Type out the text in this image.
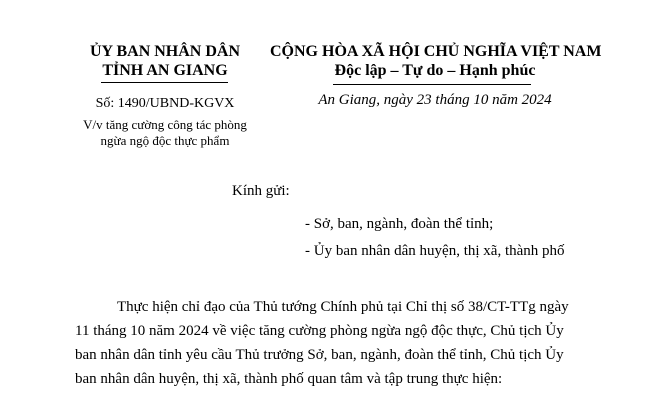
ỦY BAN NHÂN DÂN
TỈNH AN GIANG
Số: 1490/UBND-KGVX
V/v tăng cường công tác phòng
ngừa ngộ độc thực phẩm
CỘNG HÒA XÃ HỘI CHỦ NGHĨA VIỆT NAM
Độc lập – Tự do – Hạnh phúc
An Giang, ngày 23 tháng 10 năm 2024
Kính gửi:
- Sở, ban, ngành, đoàn thể tỉnh;
- Ủy ban nhân dân huyện, thị xã, thành phố
Thực hiện chỉ đạo của Thủ tướng Chính phủ tại Chỉ thị số 38/CT-TTg ngày
11 tháng 10 năm 2024 về việc tăng cường phòng ngừa ngộ độc thực, Chủ tịch Ủy
ban nhân dân tỉnh yêu cầu Thủ trưởng Sở, ban, ngành, đoàn thể tỉnh, Chủ tịch Ủy
ban nhân dân huyện, thị xã, thành phố quan tâm và tập trung thực hiện:
